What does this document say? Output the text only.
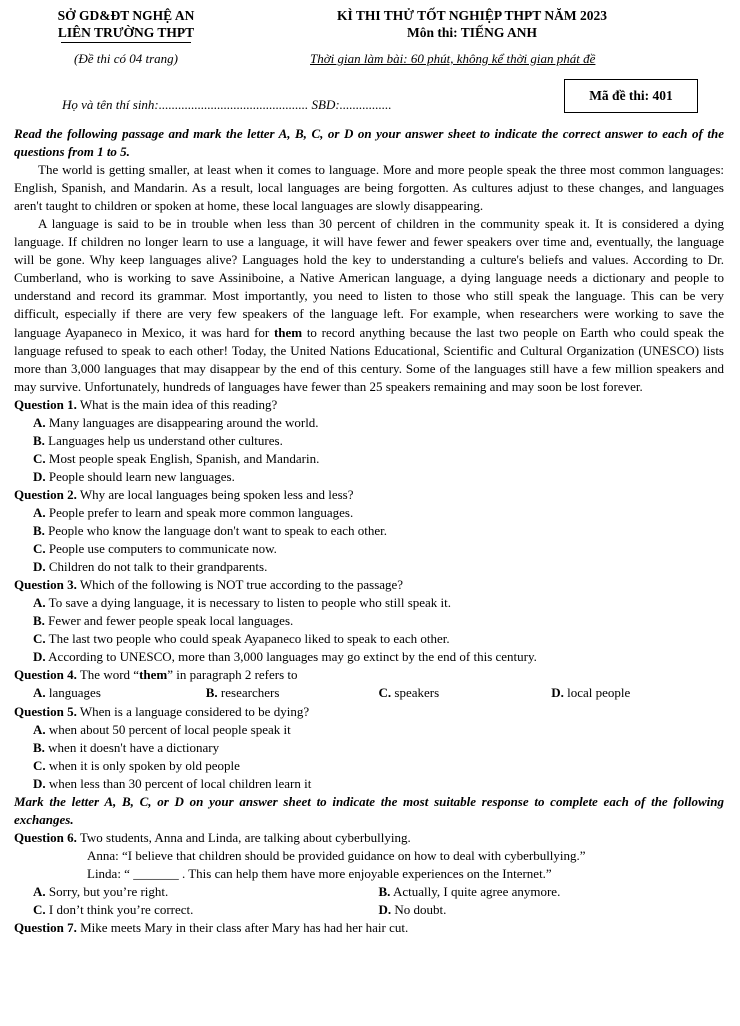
SỞ GD&ĐT NGHỆ AN
LIÊN TRƯỜNG THPT
KÌ THI THỬ TỐT NGHIỆP THPT NĂM 2023
Môn thi: TIẾNG ANH
(Đề thi có 04 trang)	Thời gian làm bài: 60 phút, không kể thời gian phát đề
Họ và tên thí sinh:.............................................. SBD:................
Mã đề thi: 401
Read the following passage and mark the letter A, B, C, or D on your answer sheet to indicate the correct answer to each of the questions from 1 to 5.
The world is getting smaller, at least when it comes to language. More and more people speak the three most common languages: English, Spanish, and Mandarin. As a result, local languages are being forgotten. As cultures adjust to these changes, and languages aren't taught to children or spoken at home, these local languages are slowly disappearing.
A language is said to be in trouble when less than 30 percent of children in the community speak it. It is considered a dying language. If children no longer learn to use a language, it will have fewer and fewer speakers over time and, eventually, the language will be gone. Why keep languages alive? Languages hold the key to understanding a culture's beliefs and values. According to Dr. Cumberland, who is working to save Assiniboine, a Native American language, a dying language needs a dictionary and people to understand and record its grammar. Most importantly, you need to listen to those who still speak the language. This can be very difficult, especially if there are very few speakers of the language left. For example, when researchers were working to save the language Ayapaneco in Mexico, it was hard for them to record anything because the last two people on Earth who could speak the language refused to speak to each other! Today, the United Nations Educational, Scientific and Cultural Organization (UNESCO) lists more than 3,000 languages that may disappear by the end of this century. Some of the languages still have a few million speakers and may survive. Unfortunately, hundreds of languages have fewer than 25 speakers remaining and may soon be lost forever.
Question 1. What is the main idea of this reading?
A. Many languages are disappearing around the world.
B. Languages help us understand other cultures.
C. Most people speak English, Spanish, and Mandarin.
D. People should learn new languages.
Question 2. Why are local languages being spoken less and less?
A. People prefer to learn and speak more common languages.
B. People who know the language don't want to speak to each other.
C. People use computers to communicate now.
D. Children do not talk to their grandparents.
Question 3. Which of the following is NOT true according to the passage?
A. To save a dying language, it is necessary to listen to people who still speak it.
B. Fewer and fewer people speak local languages.
C. The last two people who could speak Ayapaneco liked to speak to each other.
D. According to UNESCO, more than 3,000 languages may go extinct by the end of this century.
Question 4. The word “them” in paragraph 2 refers to
A. languages	B. researchers	C. speakers	D. local people
Question 5. When is a language considered to be dying?
A. when about 50 percent of local people speak it
B. when it doesn't have a dictionary
C. when it is only spoken by old people
D. when less than 30 percent of local children learn it
Mark the letter A, B, C, or D on your answer sheet to indicate the most suitable response to complete each of the following exchanges.
Question 6. Two students, Anna and Linda, are talking about cyberbullying.
Anna: “I believe that children should be provided guidance on how to deal with cyberbullying.”
Linda: “ _______ . This can help them have more enjoyable experiences on the Internet.”
A. Sorry, but you’re right.	B. Actually, I quite agree anymore.
C. I don’t think you’re correct.	D. No doubt.
Question 7. Mike meets Mary in their class after Mary has had her hair cut.
